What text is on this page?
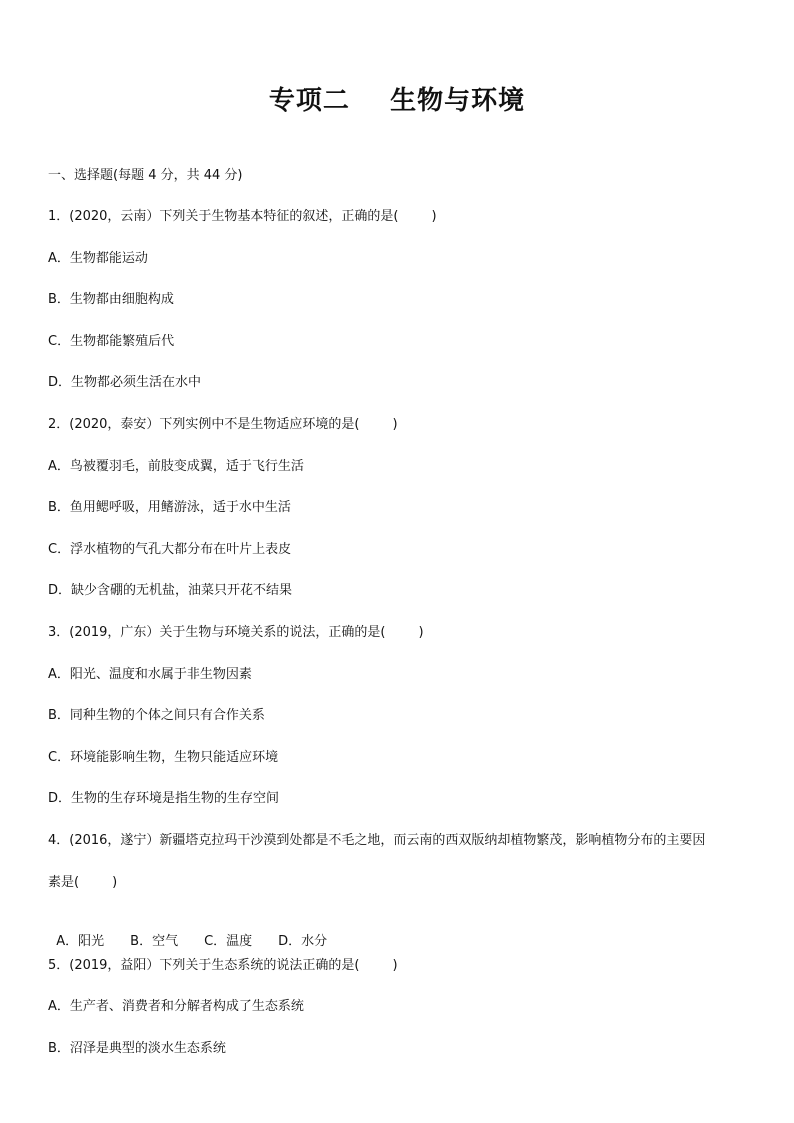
专项二    生物与环境
一、选择题(每题 4 分，共 44 分)
1．(2020，云南）下列关于生物基本特征的叙述，正确的是(        )
A．生物都能运动
B．生物都由细胞构成
C．生物都能繁殖后代
D．生物都必须生活在水中
2．(2020，泰安）下列实例中不是生物适应环境的是(        )
A．鸟被覆羽毛，前肢变成翼，适于飞行生活
B．鱼用鳃呼吸，用鳍游泳，适于水中生活
C．浮水植物的气孔大都分布在叶片上表皮
D．缺少含硼的无机盐，油菜只开花不结果
3．(2019，广东）关于生物与环境关系的说法，正确的是(        )
A．阳光、温度和水属于非生物因素
B．同种生物的个体之间只有合作关系
C．环境能影响生物，生物只能适应环境
D．生物的生存环境是指生物的生存空间
4．(2016，遂宁）新疆塔克拉玛干沙漠到处都是不毛之地，而云南的西双版纳却植物繁茂，影响植物分布的主要因
素是(        )

A．阳光 B．空气 C．温度 D．水分

5．(2019，益阳）下列关于生态系统的说法正确的是(        )
A．生产者、消费者和分解者构成了生态系统
B．沼泽是典型的淡水生态系统
